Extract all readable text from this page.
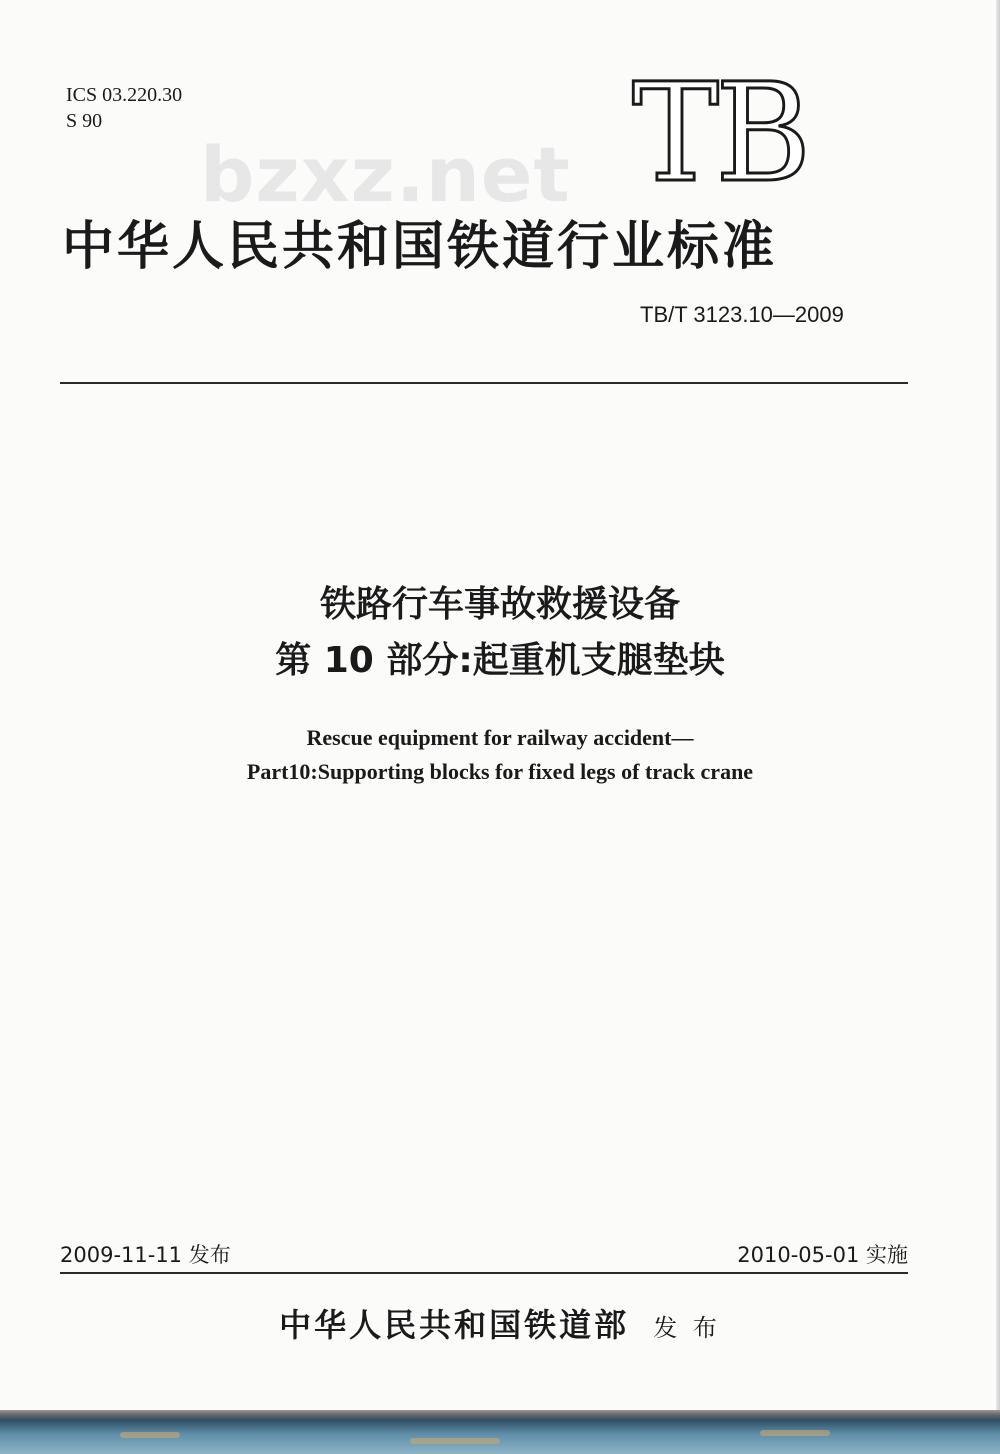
ICS 03.220.30
S 90
bzxz.net TB
中华人民共和国铁道行业标准
TB/T 3123.10—2009
铁路行车事故救援设备
第 10 部分:起重机支腿垫块
Rescue equipment for railway accident—
Part10:Supporting blocks for fixed legs of track crane
2009-11-11 发布	2010-05-01 实施
中华人民共和国铁道部 发 布
